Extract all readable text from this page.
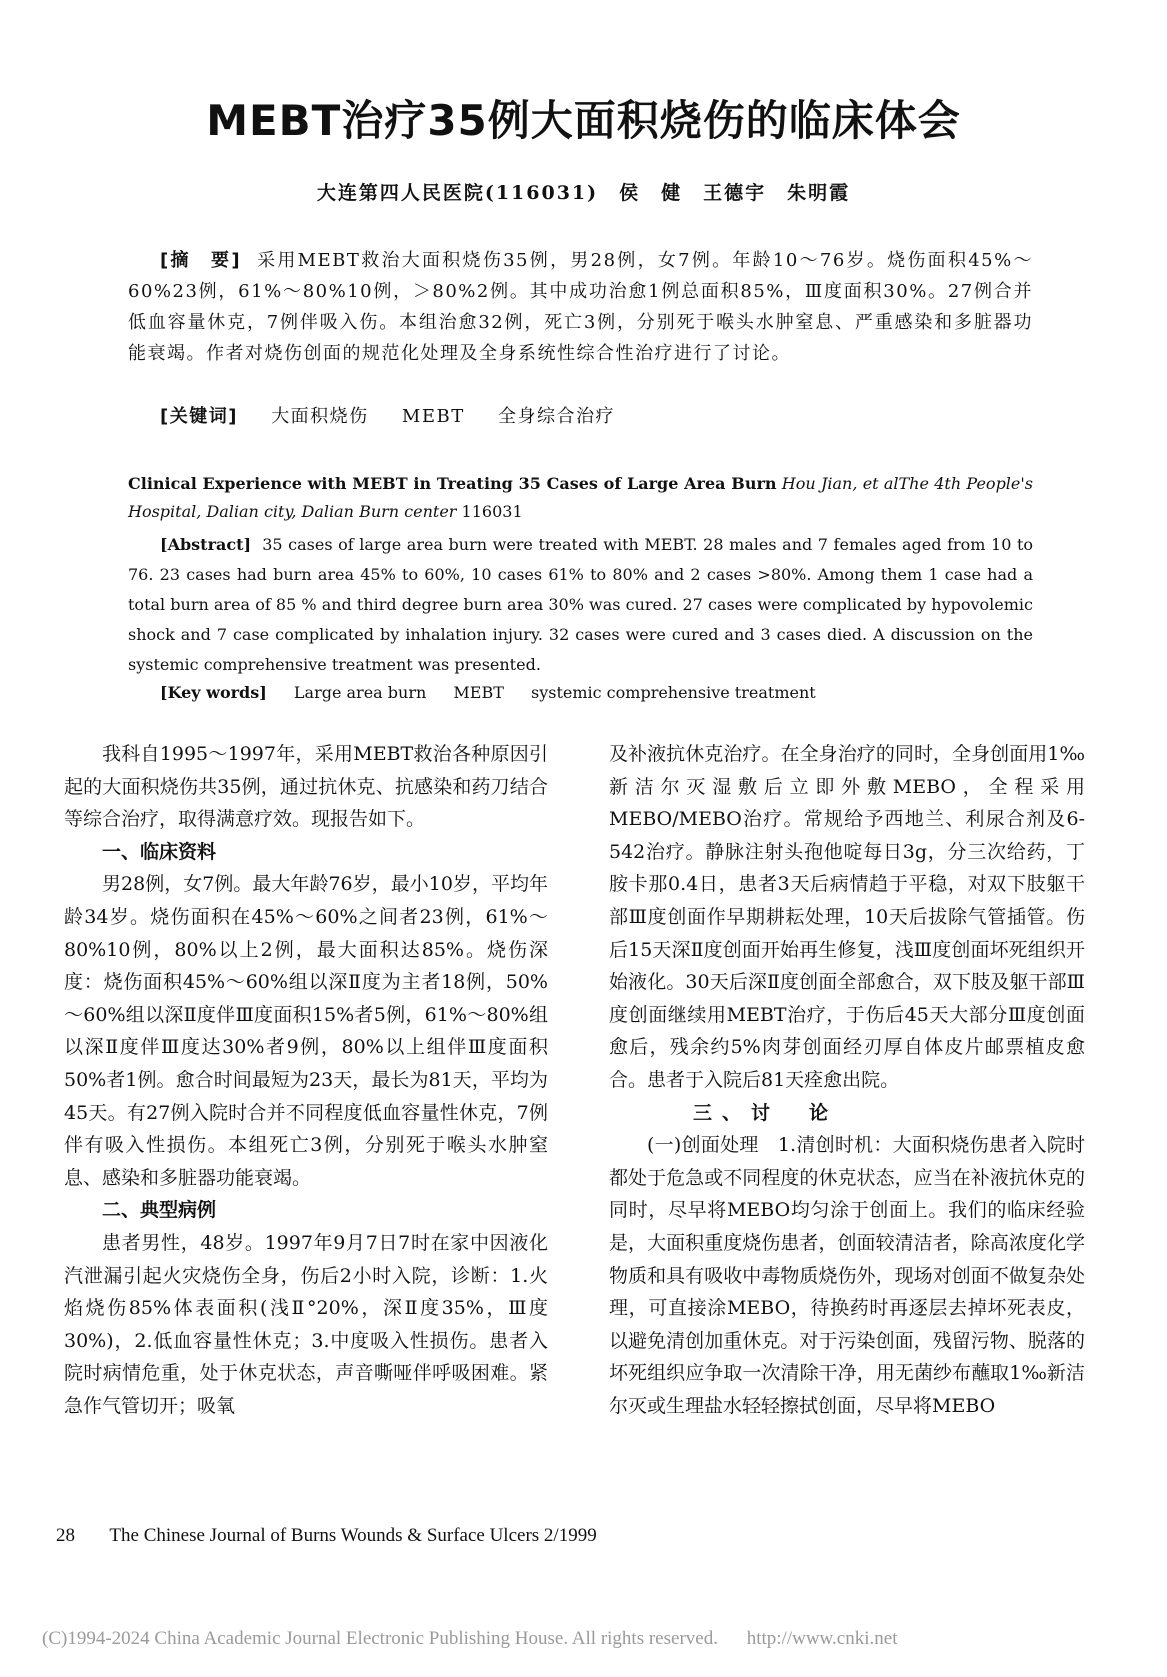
MEBT治疗35例大面积烧伤的临床体会
大连第四人民医院(116031)　侯　健　王德宇　朱明霞
[摘　要] 采用MEBT救治大面积烧伤35例，男28例，女7例。年龄10～76岁。烧伤面积45%～60%23例，61%～80%10例，＞80%2例。其中成功治愈1例总面积85%，Ⅲ度面积30%。27例合并低血容量休克，7例伴吸入伤。本组治愈32例，死亡3例，分别死于喉头水肿窒息、严重感染和多脏器功能衰竭。作者对烧伤创面的规范化处理及全身系统性综合性治疗进行了讨论。
[关键词] 大面积烧伤 MEBT 全身综合治疗
Clinical Experience with MEBT in Treating 35 Cases of Large Area Burn Hou Jian, et alThe 4th People's Hospital, Dalian city, Dalian Burn center 116031
[Abstract] 35 cases of large area burn were treated with MEBT. 28 males and 7 females aged from 10 to 76. 23 cases had burn area 45% to 60%, 10 cases 61% to 80% and 2 cases >80%. Among them 1 case had a total burn area of 85 % and third degree burn area 30% was cured. 27 cases were complicated by hypovolemic shock and 7 case complicated by inhalation injury. 32 cases were cured and 3 cases died. A discussion on the systemic comprehensive treatment was presented.
[Key words] Large area burn MEBT systemic comprehensive treatment

我科自1995～1997年，采用MEBT救治各种原因引起的大面积烧伤共35例，通过抗休克、抗感染和药刀结合等综合治疗，取得满意疗效。现报告如下。

一、临床资料

男28例，女7例。最大年龄76岁，最小10岁，平均年龄34岁。烧伤面积在45%～60%之间者23例，61%～80%10例，80%以上2例，最大面积达85%。烧伤深度：烧伤面积45%～60%组以深Ⅱ度为主者18例，50%～60%组以深Ⅱ度伴Ⅲ度面积15%者5例，61%～80%组以深Ⅱ度伴Ⅲ度达30%者9例，80%以上组伴Ⅲ度面积50%者1例。愈合时间最短为23天，最长为81天，平均为45天。有27例入院时合并不同程度低血容量性休克，7例伴有吸入性损伤。本组死亡3例，分别死于喉头水肿窒息、感染和多脏器功能衰竭。

二、典型病例

患者男性，48岁。1997年9月7日7时在家中因液化汽泄漏引起火灾烧伤全身，伤后2小时入院，诊断：1.火焰烧伤85%体表面积(浅Ⅱ°20%，深Ⅱ度35%，Ⅲ度30%)，2.低血容量性休克；3.中度吸入性损伤。患者入院时病情危重，处于休克状态，声音嘶哑伴呼吸困难。紧急作气管切开；吸氧

及补液抗休克治疗。在全身治疗的同时，全身创面用1‰新洁尔灭湿敷后立即外敷MEBO，全程采用MEBO/MEBO治疗。常规给予西地兰、利尿合剂及6-542治疗。静脉注射头孢他啶每日3g，分三次给药，丁胺卡那0.4日，患者3天后病情趋于平稳，对双下肢躯干部Ⅲ度创面作早期耕耘处理，10天后拔除气管插管。伤后15天深Ⅱ度创面开始再生修复，浅Ⅲ度创面坏死组织开始液化。30天后深Ⅱ度创面全部愈合，双下肢及躯干部Ⅲ度创面继续用MEBT治疗，于伤后45天大部分Ⅲ度创面愈后，残余约5%肉芽创面经刃厚自体皮片邮票植皮愈合。患者于入院后81天痊愈出院。

三、讨　论

(一)创面处理　1.清创时机：大面积烧伤患者入院时都处于危急或不同程度的休克状态，应当在补液抗休克的同时，尽早将MEBO均匀涂于创面上。我们的临床经验是，大面积重度烧伤患者，创面较清洁者，除高浓度化学物质和具有吸收中毒物质烧伤外，现场对创面不做复杂处理，可直接涂MEBO，待换药时再逐层去掉坏死表皮，以避免清创加重休克。对于污染创面，残留污物、脱落的坏死组织应争取一次清除干净，用无菌纱布蘸取1‰新洁尔灭或生理盐水轻轻擦拭创面，尽早将MEBO

28 The Chinese Journal of Burns Wounds & Surface Ulcers 2/1999
(C)1994-2024 China Academic Journal Electronic Publishing House. All rights reserved. http://www.cnki.net
